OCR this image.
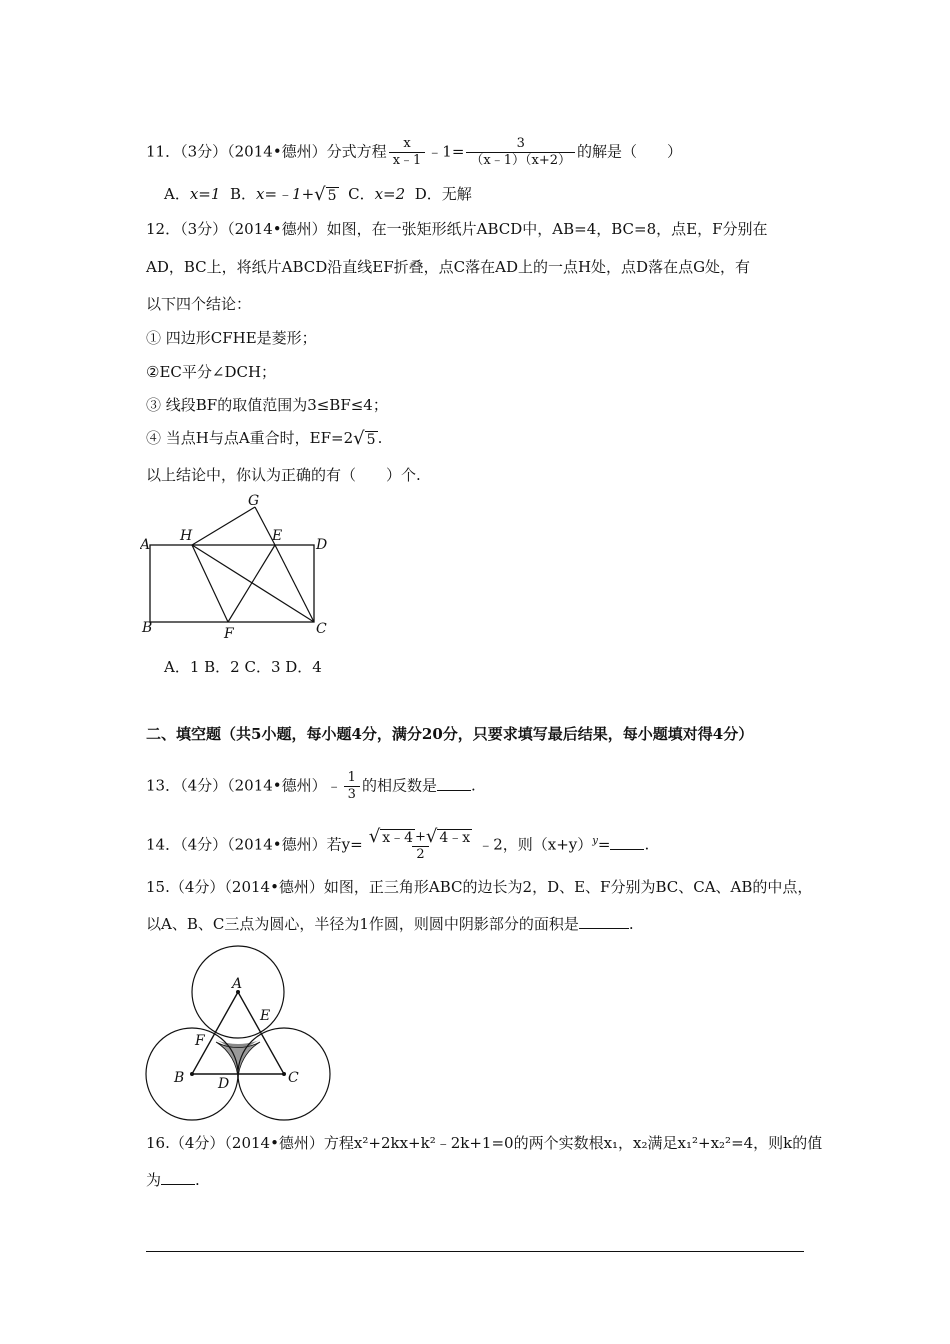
11．（3分）（2014•德州）分式方程 $\frac{x}{x﹣1}$ ﹣1= $\frac{3}{(x﹣1)(x+2)}$ 的解是（　　）
A．x=1 B．x=﹣1+ √ 5 C．x=2 D．无解
12．（3分）（2014•德州）如图，在一张矩形纸片ABCD中，AB=4，BC=8，点E，F分别在
AD，BC上，将纸片ABCD沿直线EF折叠，点C落在AD上的一点H处，点D落在点G处，有
以下四个结论：
① 四边形CFHE是菱形；
②EC平分∠DCH；
③ 线段BF的取值范围为3≤BF≤4；
④ 当点H与点A重合时，EF=2 √ 5 .
以上结论中，你认为正确的有（　　）个.
A
H
G
E
D
B	F	C
A．1 B．2 C．3 D．4
二、填空题（共5小题，每小题4分，满分20分，只要求填写最后结果，每小题填对得4分）
13．（4分）（2014•德州）﹣ $\frac{1}{3}$ 的相反数是 .
14．（4分）（2014•德州）若$y= \frac{√ x﹣4 + √ 4﹣x}{2}$ ﹣2，则$(x+y)^y=$ .
15.（4分）（2014•德州）如图，正三角形ABC的边长为2，D、E、F分别为BC、CA、AB的中点，
以A、B、C三点为圆心，半径为1作圆，则圆中阴影部分的面积是	.
A
E
F
B D	C
16.（4分）（2014•德州）方程x²+2kx+k²﹣2k+1=0的两个实数根x₁，x₂满足x₁²+x₂²=4，则k的值
为 .
